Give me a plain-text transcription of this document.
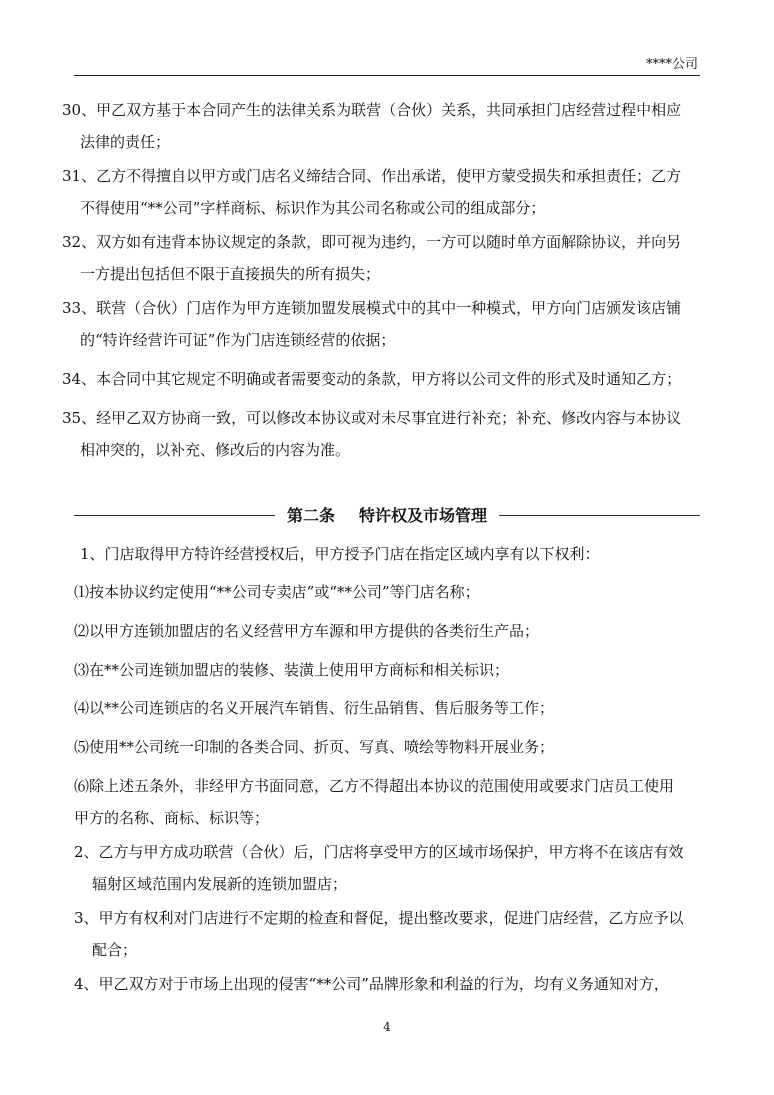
****公司
30、甲乙双方基于本合同产生的法律关系为联营（合伙）关系，共同承担门店经营过程中相应
法律的责任；
31、乙方不得擅自以甲方或门店名义缔结合同、作出承诺，使甲方蒙受损失和承担责任；乙方
不得使用“**公司”字样商标、标识作为其公司名称或公司的组成部分；
32、双方如有违背本协议规定的条款，即可视为违约，一方可以随时单方面解除协议，并向另
一方提出包括但不限于直接损失的所有损失；
33、联营（合伙）门店作为甲方连锁加盟发展模式中的其中一种模式，甲方向门店颁发该店铺
的“特许经营许可证”作为门店连锁经营的依据；
34、本合同中其它规定不明确或者需要变动的条款，甲方将以公司文件的形式及时通知乙方；
35、经甲乙双方协商一致，可以修改本协议或对未尽事宜进行补充；补充、修改内容与本协议
相冲突的，以补充、修改后的内容为准。
第二条 特许权及市场管理
1、门店取得甲方特许经营授权后，甲方授予门店在指定区域内享有以下权利：
⑴按本协议约定使用“**公司专卖店”或“**公司”等门店名称；
⑵以甲方连锁加盟店的名义经营甲方车源和甲方提供的各类衍生产品；
⑶在**公司连锁加盟店的装修、装潢上使用甲方商标和相关标识；
⑷以**公司连锁店的名义开展汽车销售、衍生品销售、售后服务等工作；
⑸使用**公司统一印制的各类合同、折页、写真、喷绘等物料开展业务；
⑹除上述五条外，非经甲方书面同意，乙方不得超出本协议的范围使用或要求门店员工使用
甲方的名称、商标、标识等；
2、乙方与甲方成功联营（合伙）后，门店将享受甲方的区域市场保护，甲方将不在该店有效
辐射区域范围内发展新的连锁加盟店；
3、甲方有权利对门店进行不定期的检查和督促，提出整改要求，促进门店经营，乙方应予以
配合；
4、甲乙双方对于市场上出现的侵害“**公司”品牌形象和利益的行为，均有义务通知对方，
4
